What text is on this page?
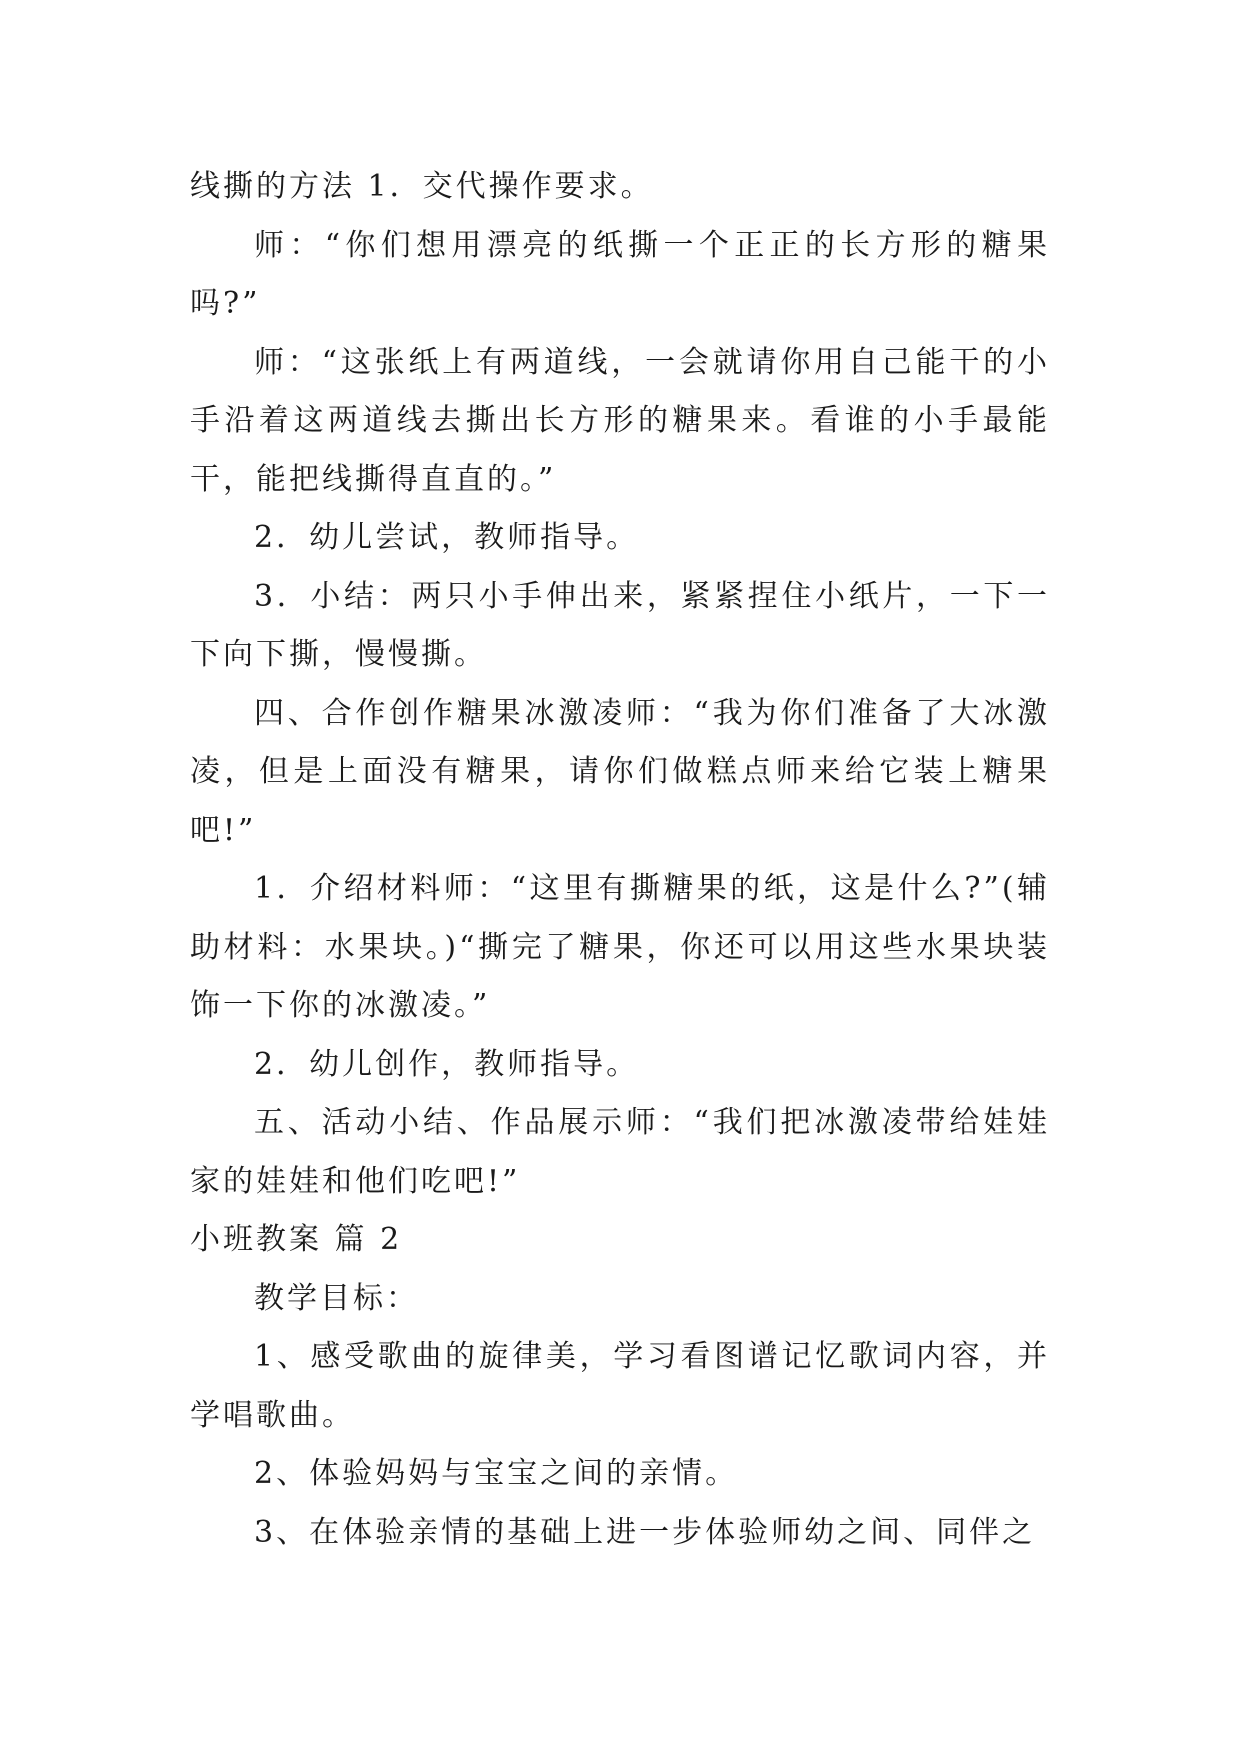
线撕的方法 1．交代操作要求。

师：“你们想用漂亮的纸撕一个正正的长方形的糖果吗?”

师：“这张纸上有两道线，一会就请你用自己能干的小手沿着这两道线去撕出长方形的糖果来。看谁的小手最能干，能把线撕得直直的。”

2．幼儿尝试，教师指导。

3．小结：两只小手伸出来，紧紧捏住小纸片，一下一下向下撕，慢慢撕。

四、合作创作糖果冰激凌师：“我为你们准备了大冰激凌，但是上面没有糖果，请你们做糕点师来给它装上糖果吧!”

1．介绍材料师：“这里有撕糖果的纸，这是什么?”(辅助材料：水果块。)“撕完了糖果，你还可以用这些水果块装饰一下你的冰激凌。”

2．幼儿创作，教师指导。

五、活动小结、作品展示师：“我们把冰激凌带给娃娃家的娃娃和他们吃吧!”

小班教案 篇 2

教学目标：

1、感受歌曲的旋律美，学习看图谱记忆歌词内容，并学唱歌曲。

2、体验妈妈与宝宝之间的亲情。

3、在体验亲情的基础上进一步体验师幼之间、同伴之
